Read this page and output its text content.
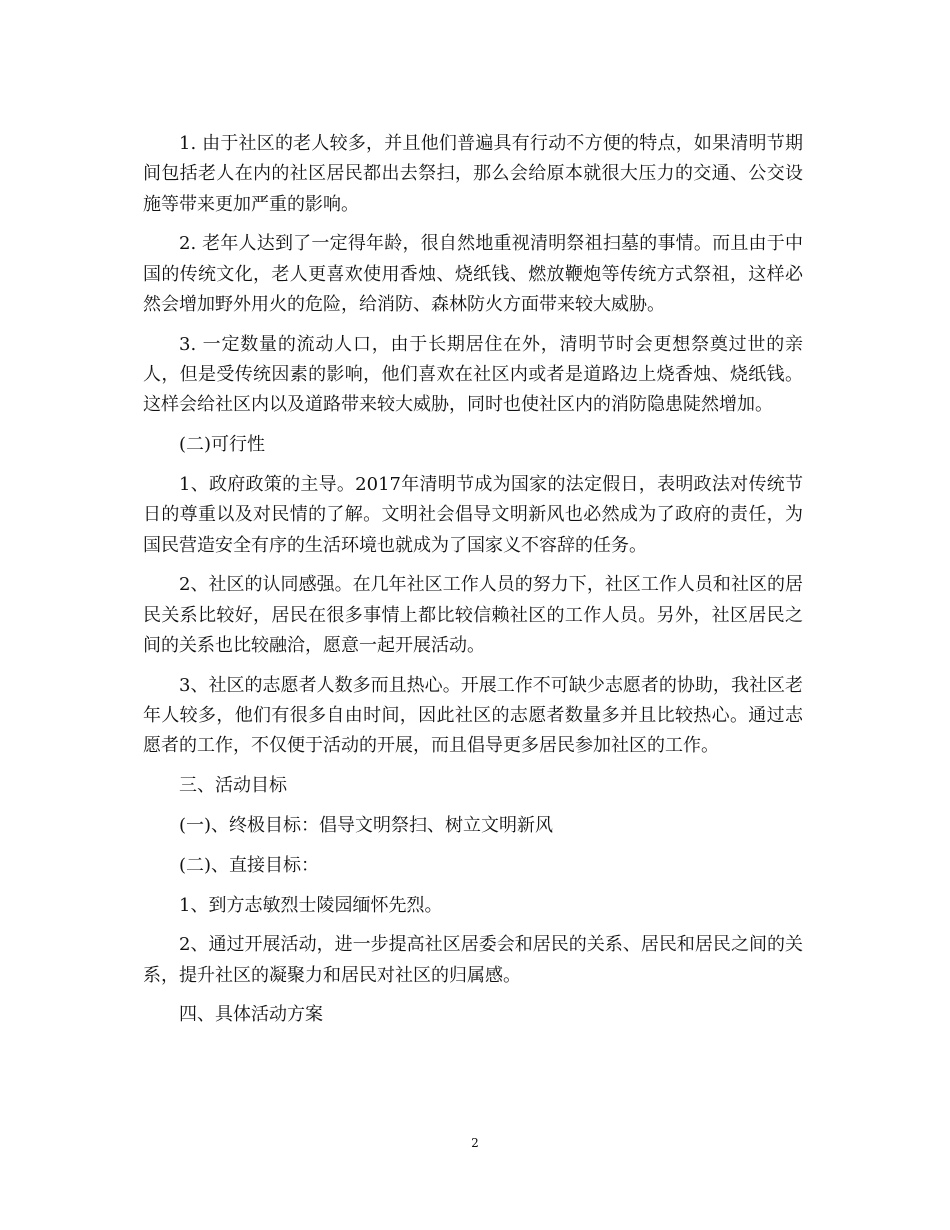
1. 由于社区的老人较多，并且他们普遍具有行动不方便的特点，如果清明节期间包括老人在内的社区居民都出去祭扫，那么会给原本就很大压力的交通、公交设施等带来更加严重的影响。

2. 老年人达到了一定得年龄，很自然地重视清明祭祖扫墓的事情。而且由于中国的传统文化，老人更喜欢使用香烛、烧纸钱、燃放鞭炮等传统方式祭祖，这样必然会增加野外用火的危险，给消防、森林防火方面带来较大威胁。

3. 一定数量的流动人口，由于长期居住在外，清明节时会更想祭奠过世的亲人，但是受传统因素的影响，他们喜欢在社区内或者是道路边上烧香烛、烧纸钱。这样会给社区内以及道路带来较大威胁，同时也使社区内的消防隐患陡然增加。

(二)可行性

1、政府政策的主导。2017年清明节成为国家的法定假日，表明政法对传统节日的尊重以及对民情的了解。文明社会倡导文明新风也必然成为了政府的责任，为国民营造安全有序的生活环境也就成为了国家义不容辞的任务。

2、社区的认同感强。在几年社区工作人员的努力下，社区工作人员和社区的居民关系比较好，居民在很多事情上都比较信赖社区的工作人员。另外，社区居民之间的关系也比较融洽，愿意一起开展活动。

3、社区的志愿者人数多而且热心。开展工作不可缺少志愿者的协助，我社区老年人较多，他们有很多自由时间，因此社区的志愿者数量多并且比较热心。通过志愿者的工作，不仅便于活动的开展，而且倡导更多居民参加社区的工作。

三、活动目标

(一)、终极目标：倡导文明祭扫、树立文明新风

(二)、直接目标：

1、到方志敏烈士陵园缅怀先烈。

2、通过开展活动，进一步提高社区居委会和居民的关系、居民和居民之间的关系，提升社区的凝聚力和居民对社区的归属感。

四、具体活动方案

2
